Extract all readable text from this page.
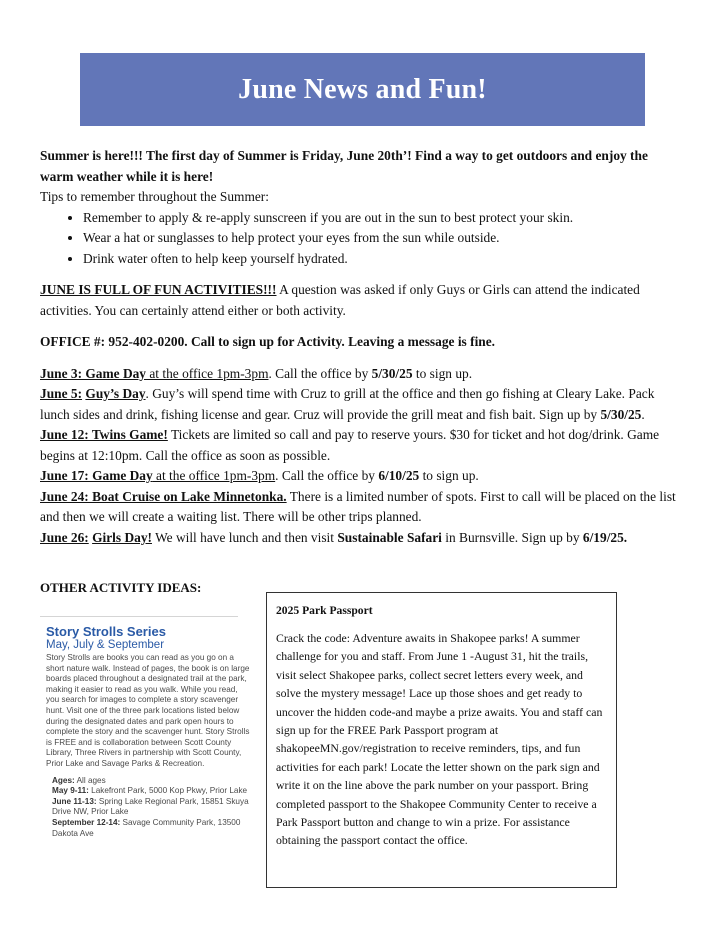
June News and Fun!

Summer is here!!! The first day of Summer is Friday, June 20th’! Find a way to get outdoors and enjoy the warm weather while it is here!

Tips to remember throughout the Summer:

• Remember to apply & re-apply sunscreen if you are out in the sun to best protect your skin.
• Wear a hat or sunglasses to help protect your eyes from the sun while outside.
• Drink water often to help keep yourself hydrated.

JUNE IS FULL OF FUN ACTIVITIES!!! A question was asked if only Guys or Girls can attend the indicated activities. You can certainly attend either or both activity.

OFFICE #: 952-402-0200. Call to sign up for Activity. Leaving a message is fine.

June 3: Game Day at the office 1pm-3pm. Call the office by 5/30/25 to sign up.

June 5: Guy’s Day. Guy’s will spend time with Cruz to grill at the office and then go fishing at Cleary Lake. Pack lunch sides and drink, fishing license and gear. Cruz will provide the grill meat and fish bait. Sign up by 5/30/25.

June 12: Twins Game! Tickets are limited so call and pay to reserve yours. $30 for ticket and hot dog/drink. Game begins at 12:10pm. Call the office as soon as possible.

June 17: Game Day at the office 1pm-3pm. Call the office by 6/10/25 to sign up.

June 24: Boat Cruise on Lake Minnetonka. There is a limited number of spots. First to call will be placed on the list and then we will create a waiting list. There will be other trips planned.

June 26: Girls Day! We will have lunch and then visit Sustainable Safari in Burnsville. Sign up by 6/19/25.

OTHER ACTIVITY IDEAS:
Story Strolls Series
May, July & September
Story Strolls are books you can read as you go on a short nature walk. Instead of pages, the book is on large boards placed throughout a designated trail at the park, making it easier to read as you walk. While you read, you search for images to complete a story scavenger hunt. Visit one of the three park locations listed below during the designated dates and park open hours to complete the story and the scavenger hunt. Story Strolls is FREE and is collaboration between Scott County Library, Three Rivers in partnership with Scott County, Prior Lake and Savage Parks & Recreation.
Ages: All ages
May 9-11: Lakefront Park, 5000 Kop Pkwy, Prior Lake
June 11-13: Spring Lake Regional Park, 15851 Skuya Drive NW, Prior Lake
September 12-14: Savage Community Park, 13500 Dakota Ave
2025 Park Passport
Crack the code: Adventure awaits in Shakopee parks! A summer challenge for you and staff. From June 1 -August 31, hit the trails, visit select Shakopee parks, collect secret letters every week, and solve the mystery message! Lace up those shoes and get ready to uncover the hidden code-and maybe a prize awaits. You and staff can sign up for the FREE Park Passport program at shakopeeMN.gov/registration to receive reminders, tips, and fun activities for each park! Locate the letter shown on the park sign and write it on the line above the park number on your passport. Bring completed passport to the Shakopee Community Center to receive a Park Passport button and change to win a prize. For assistance obtaining the passport contact the office.
